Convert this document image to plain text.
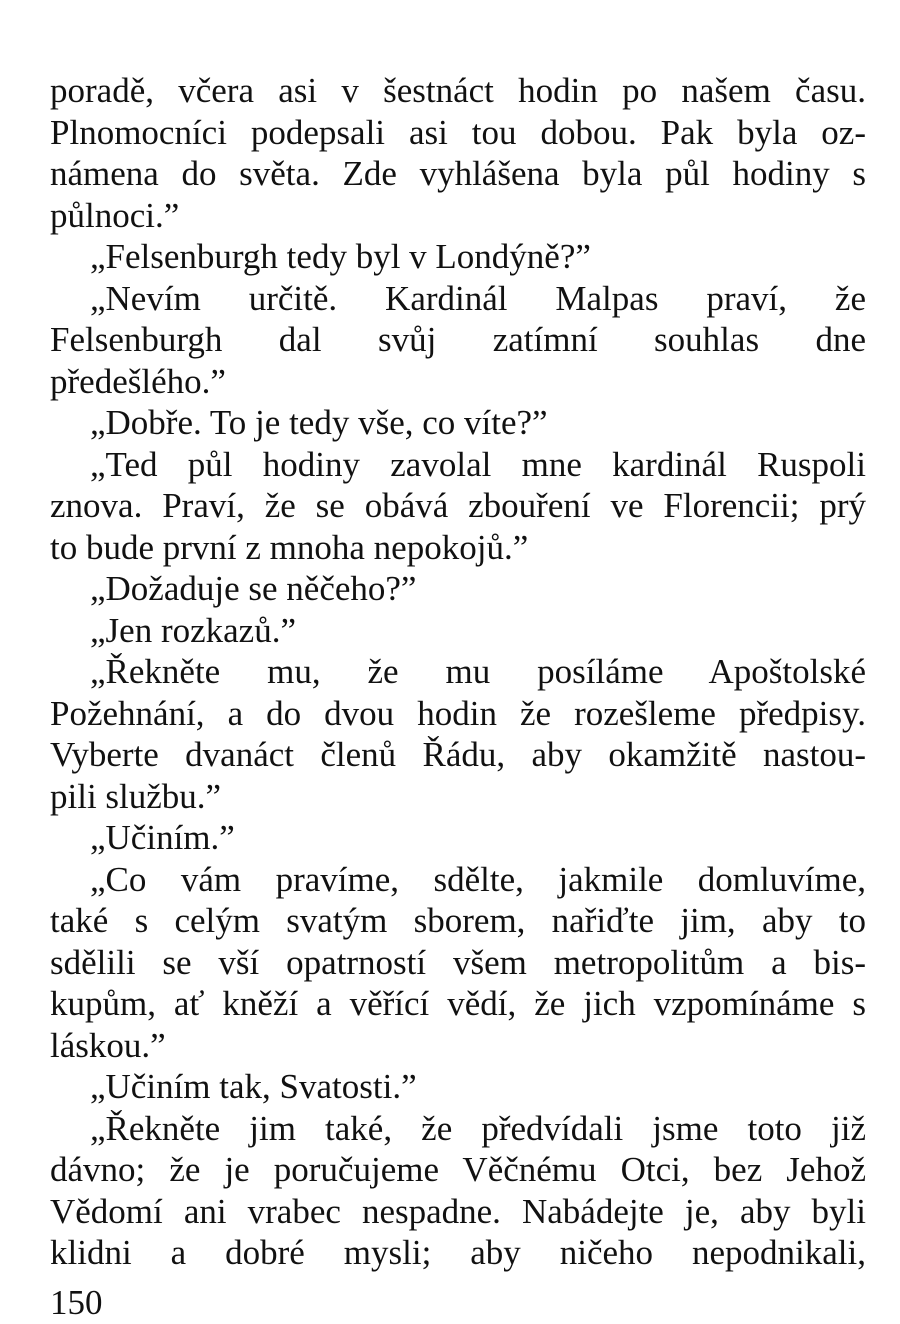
poradě, včera asi v šestnáct hodin po našem času.
Plnomocníci podepsali asi tou dobou. Pak byla oz-
námena do světa. Zde vyhlášena byla půl hodiny s
půlnoci.”
„Felsenburgh tedy byl v Londýně?”
„Nevím určitě. Kardinál Malpas praví, že
Felsenburgh dal svůj zatímní souhlas dne
předešlého.”
„Dobře. To je tedy vše, co víte?”
„Ted půl hodiny zavolal mne kardinál Ruspoli
znova. Praví, že se obává zbouření ve Florencii; prý
to bude první z mnoha nepokojů.”
„Dožaduje se něčeho?”
„Jen rozkazů.”
„Řekněte mu, že mu posíláme Apoštolské
Požehnání, a do dvou hodin že rozešleme předpisy.
Vyberte dvanáct členů Řádu, aby okamžitě nastou-
pili službu.”
„Učiním.”
„Co vám pravíme, sdělte, jakmile domluvíme,
také s celým svatým sborem, nařiďte jim, aby to
sdělili se vší opatrností všem metropolitům a bis-
kupům, ať kněží a věřící vědí, že jich vzpomínáme s
láskou.”
„Učiním tak, Svatosti.”
„Řekněte jim také, že předvídali jsme toto již
dávno; že je poručujeme Věčnému Otci, bez Jehož
Vědomí ani vrabec nespadne. Nabádejte je, aby byli
klidni a dobré mysli; aby ničeho nepodnikali,
150
